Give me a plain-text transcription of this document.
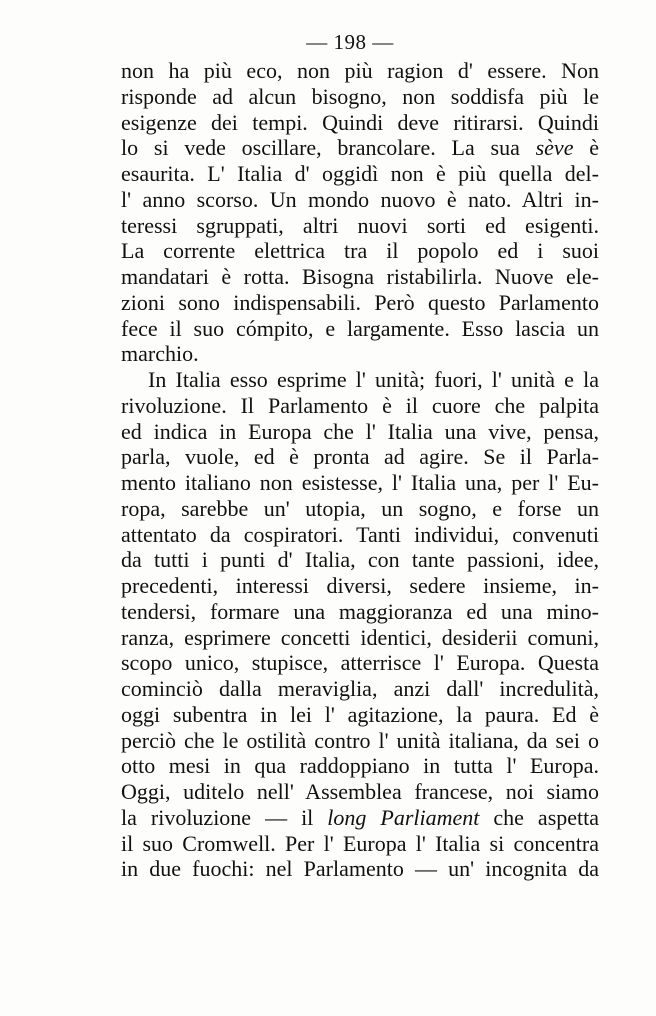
— 198 —
non ha più eco, non più ragion d' essere. Non
risponde ad alcun bisogno, non soddisfa più le
esigenze dei tempi. Quindi deve ritirarsi. Quindi
lo si vede oscillare, brancolare. La sua sève è
esaurita. L' Italia d' oggidì non è più quella del-
l' anno scorso. Un mondo nuovo è nato. Altri in-
teressi sgruppati, altri nuovi sorti ed esigenti.
La corrente elettrica tra il popolo ed i suoi
mandatari è rotta. Bisogna ristabilirla. Nuove ele-
zioni sono indispensabili. Però questo Parlamento
fece il suo cómpito, e largamente. Esso lascia un
marchio.
In Italia esso esprime l' unità; fuori, l' unità e la
rivoluzione. Il Parlamento è il cuore che palpita
ed indica in Europa che l' Italia una vive, pensa,
parla, vuole, ed è pronta ad agire. Se il Parla-
mento italiano non esistesse, l' Italia una, per l' Eu-
ropa, sarebbe un' utopia, un sogno, e forse un
attentato da cospiratori. Tanti individui, convenuti
da tutti i punti d' Italia, con tante passioni, idee,
precedenti, interessi diversi, sedere insieme, in-
tendersi, formare una maggioranza ed una mino-
ranza, esprimere concetti identici, desiderii comuni,
scopo unico, stupisce, atterrisce l' Europa. Questa
cominciò dalla meraviglia, anzi dall' incredulità,
oggi subentra in lei l' agitazione, la paura. Ed è
perciò che le ostilità contro l' unità italiana, da sei o
otto mesi in qua raddoppiano in tutta l' Europa.
Oggi, uditelo nell' Assemblea francese, noi siamo
la rivoluzione — il long Parliament che aspetta
il suo Cromwell. Per l' Europa l' Italia si concentra
in due fuochi: nel Parlamento — un' incognita da
